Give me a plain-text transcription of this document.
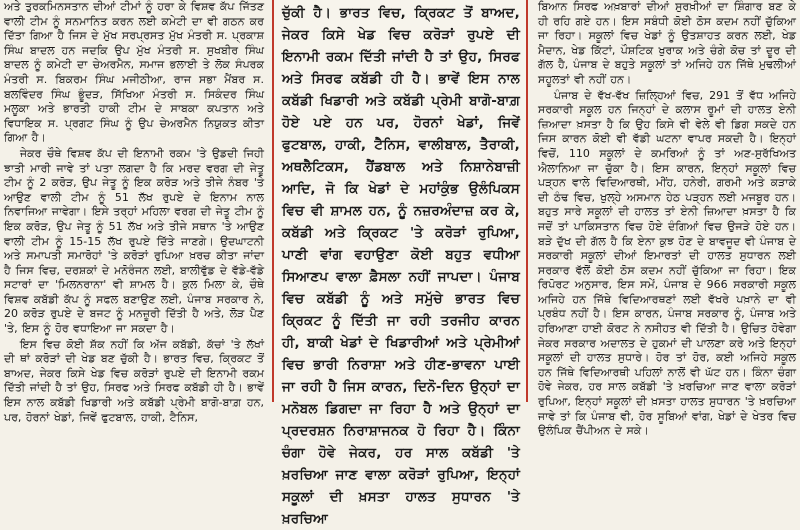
ਅਤੇ ਤੁਰਕਮਿਨਸਤਾਨ ਦੀਆਂ ਟੀਮਾਂ ਨੂੰ ਹਰਾ ਕੇ ਵਿਸ਼ਵ ਕੱਪ ਜਿੱਤਣ ਵਾਲੀ ਟੀਮ ਨੂੰ ਸਨਮਾਨਿਤ ਕਰਨ ਲਈ ਕਮੇਟੀ ਦਾ ਵੀ ਗਠਨ ਕਰ ਦਿੱਤਾ ਗਿਆ ਹੈ ਜਿਸ ਦੇ ਮੁੱਖ ਸਰਪ੍ਰਸਤ ਮੁੱਖ ਮੰਤਰੀ ਸ. ਪ੍ਰਕਾਸ਼ ਸਿੰਘ ਬਾਦਲ ਹਨ ਜਦਕਿ ਉਪ ਮੁੱਖ ਮੰਤਰੀ ਸ. ਸੁਖਬੀਰ ਸਿੰਘ ਬਾਦਲ ਨੂੰ ਕਮੇਟੀ ਦਾ ਚੇਅਰਮੈਨ, ਸਮਾਜ ਭਲਾਈ ਤੇ ਲੋਕ ਸੰਪਰਕ ਮੰਤਰੀ ਸ. ਬਿਕਰਮ ਸਿੰਘ ਮਜੀਠੀਆ, ਰਾਜ ਸਭਾ ਮੈਂਬਰ ਸ. ਬਲਵਿੰਦਰ ਸਿੰਘ ਭੂੰਦੜ, ਸਿੱਖਿਆ ਮੰਤਰੀ ਸ. ਸਿਕੰਦਰ ਸਿੰਘ ਮਲੂਕਾ ਅਤੇ ਭਾਰਤੀ ਹਾਕੀ ਟੀਮ ਦੇ ਸਾਬਕਾ ਕਪਤਾਨ ਅਤੇ ਵਿਧਾਇਕ ਸ. ਪ੍ਰਗਟ ਸਿੰਘ ਨੂੰ ਉਪ ਚੇਅਰਮੈਨ ਨਿਯੁਕਤ ਕੀਤਾ ਗਿਆ ਹੈ।

ਜੇਕਰ ਚੌਥੇ ਵਿਸ਼ਵ ਕੱਪ ਦੀ ਇਨਾਮੀ ਰਕਮ 'ਤੇ ਉਡਦੀ ਜਿਹੀ ਝਾਤੀ ਮਾਰੀ ਜਾਵੇ ਤਾਂ ਪਤਾ ਲਗਦਾ ਹੈ ਕਿ ਮਰਦ ਵਰਗ ਦੀ ਜੇਤੂ ਟੀਮ ਨੂੰ 2 ਕਰੋੜ, ਉਪ ਜੇਤੂ ਨੂੰ ਇਕ ਕਰੋੜ ਅਤੇ ਤੀਜੇ ਨੰਬਰ 'ਤੇ ਆਉਣ ਵਾਲੀ ਟੀਮ ਨੂੰ 51 ਲੱਖ ਰੁਪਏ ਦੇ ਇਨਾਮ ਨਾਲ ਨਿਵਾਜਿਆ ਜਾਵੇਗਾ। ਇਸੇ ਤਰ੍ਹਾਂ ਮਹਿਲਾ ਵਰਗ ਦੀ ਜੇਤੂ ਟੀਮ ਨੂੰ ਇਕ ਕਰੋੜ, ਉਪ ਜੇਤੂ ਨੂੰ 51 ਲੱਖ ਅਤੇ ਤੀਜੇ ਸਥਾਨ 'ਤੇ ਆਉਣ ਵਾਲੀ ਟੀਮ ਨੂੰ 15-15 ਲੱਖ ਰੁਪਏ ਦਿੱਤੇ ਜਾਣਗੇ। ਉਦਘਾਟਨੀ ਅਤੇ ਸਮਾਪਤੀ ਸਮਾਰੋਹਾਂ 'ਤੇ ਕਰੋੜਾਂ ਰੁਪਿਆ ਖ਼ਰਚ ਕੀਤਾ ਜਾਂਦਾ ਹੈ ਜਿਸ ਵਿਚ, ਦਰਸ਼ਕਾਂ ਦੇ ਮਨੋਰੰਜਨ ਲਈ, ਬਾਲੀਵੁੱਡ ਦੇ ਵੱਡੇ-ਵੱਡੇ ਸਟਾਰਾਂ ਦਾ 'ਮਿਲਨਰਾਨਾ' ਵੀ ਸ਼ਾਮਲ ਹੈ। ਕੁਲ ਮਿਲਾ ਕੇ, ਚੌਥੇ ਵਿਸ਼ਵ ਕਬੱਡੀ ਕੱਪ ਨੂੰ ਸਫਲ ਬਣਾਉਣ ਲਈ, ਪੰਜਾਬ ਸਰਕਾਰ ਨੇ, 20 ਕਰੋੜ ਰੁਪਏ ਦੇ ਬਜਟ ਨੂੰ ਮਨਜ਼ੂਰੀ ਦਿੱਤੀ ਹੈ ਅਤੇ, ਲੋੜ ਪੈਣ 'ਤੇ, ਇਸ ਨੂੰ ਹੋਰ ਵਧਾਇਆ ਜਾ ਸਕਦਾ ਹੈ।

ਇਸ ਵਿਚ ਕੋਈ ਸ਼ੱਕ ਨਹੀਂ ਕਿ ਅੱਜ ਕਬੱਡੀ, ਕੱਚਾਂ 'ਤੇ ਲੱਖਾਂ ਦੀ ਥਾਂ ਕਰੋੜਾਂ ਦੀ ਖੇਡ ਬਣ ਚੁੱਕੀ ਹੈ। ਭਾਰਤ ਵਿਚ, ਕ੍ਰਿਕਟ ਤੋਂ ਬਾਅਦ, ਜੇਕਰ ਕਿਸੇ ਖੇਡ ਵਿਚ ਕਰੋੜਾਂ ਰੁਪਏ ਦੀ ਇਨਾਮੀ ਰਕਮ ਦਿੱਤੀ ਜਾਂਦੀ ਹੈ ਤਾਂ ਉਹ, ਸਿਰਫ ਅਤੇ ਸਿਰਫ ਕਬੱਡੀ ਹੀ ਹੈ। ਭਾਵੇਂ ਇਸ ਨਾਲ ਕਬੱਡੀ ਖਿਡਾਰੀ ਅਤੇ ਕਬੱਡੀ ਪ੍ਰੇਮੀ ਬਾਗੋ-ਬਾਗ਼ ਹਨ, ਪਰ, ਹੋਰਨਾਂ ਖੇਡਾਂ, ਜਿਵੇਂ ਫੁਟਬਾਲ, ਹਾਕੀ, ਟੈਨਿਸ,

ਚੁੱਕੀ ਹੈ। ਭਾਰਤ ਵਿਚ, ਕ੍ਰਿਕਟ ਤੋਂ ਬਾਅਦ, ਜੇਕਰ ਕਿਸੇ ਖੇਡ ਵਿਚ ਕਰੋੜਾਂ ਰੁਪਏ ਦੀ ਇਨਾਮੀ ਰਕਮ ਦਿੱਤੀ ਜਾਂਦੀ ਹੈ ਤਾਂ ਉਹ, ਸਿਰਫ ਅਤੇ ਸਿਰਫ ਕਬੱਡੀ ਹੀ ਹੈ। ਭਾਵੇਂ ਇਸ ਨਾਲ ਕਬੱਡੀ ਖਿਡਾਰੀ ਅਤੇ ਕਬੱਡੀ ਪ੍ਰੇਮੀ ਬਾਗੋ-ਬਾਗ਼ ਹੋਏ ਪਏ ਹਨ ਪਰ, ਹੋਰਨਾਂ ਖੇਡਾਂ, ਜਿਵੇਂ ਫੁਟਬਾਲ, ਹਾਕੀ, ਟੈਨਿਸ, ਵਾਲੀਬਾਲ, ਤੈਰਾਕੀ, ਅਥਲੈਟਿਕਸ, ਹੈਂਡਬਾਲ ਅਤੇ ਨਿਸ਼ਾਨੇਬਾਜ਼ੀ ਆਦਿ, ਜੋ ਕਿ ਖੇਡਾਂ ਦੇ ਮਹਾਂਕੁੰਭ ਉਲੰਪਿਕਸ ਵਿਚ ਵੀ ਸ਼ਾਮਲ ਹਨ, ਨੂੰ ਨਜ਼ਰਅੰਦਾਜ਼ ਕਰ ਕੇ, ਕਬੱਡੀ ਅਤੇ ਕ੍ਰਿਕਟ 'ਤੇ ਕਰੋੜਾਂ ਰੁਪਿਆ, ਪਾਣੀ ਵਾਂਗ ਵਹਾਉਣਾ ਕੋਈ ਬਹੁਤ ਵਧੀਆ ਸਿਆਣਪ ਵਾਲਾ ਫ਼ੈਸਲਾ ਨਹੀਂ ਜਾਪਦਾ। ਪੰਜਾਬ ਵਿਚ ਕਬੱਡੀ ਨੂੰ ਅਤੇ ਸਮੁੱਚੇ ਭਾਰਤ ਵਿਚ ਕ੍ਰਿਕਟ ਨੂੰ ਦਿੱਤੀ ਜਾ ਰਹੀ ਤਰਜੀਹ ਕਾਰਨ ਹੀ, ਬਾਕੀ ਖੇਡਾਂ ਦੇ ਖਿਡਾਰੀਆਂ ਅਤੇ ਪ੍ਰੇਮੀਆਂ ਵਿਚ ਭਾਰੀ ਨਿਰਾਸ਼ਾ ਅਤੇ ਹੀਣ-ਭਾਵਨਾ ਪਾਈ ਜਾ ਰਹੀ ਹੈ ਜਿਸ ਕਾਰਨ, ਦਿਨੋ-ਦਿਨ ਉਨ੍ਹਾਂ ਦਾ ਮਨੋਬਲ ਡਿਗਦਾ ਜਾ ਰਿਹਾ ਹੈ ਅਤੇ ਉਨ੍ਹਾਂ ਦਾ ਪ੍ਰਦਰਸ਼ਨ ਨਿਰਾਸ਼ਾਜਨਕ ਹੋ ਰਿਹਾ ਹੈ। ਕਿੰਨਾ ਚੰਗਾ ਹੋਵੇ ਜੇਕਰ, ਹਰ ਸਾਲ ਕਬੱਡੀ 'ਤੇ ਖ਼ਰਚਿਆ ਜਾਣ ਵਾਲਾ ਕਰੋੜਾਂ ਰੁਪਿਆ, ਇਨ੍ਹਾਂ ਸਕੂਲਾਂ ਦੀ ਖ਼ਸਤਾ ਹਾਲਤ ਸੁਧਾਰਨ 'ਤੇ ਖ਼ਰਚਿਆ

ਬਿਆਨ ਸਿਰਫ ਅਖ਼ਬਾਰਾਂ ਦੀਆਂ ਸੁਰਖ਼ੀਆਂ ਦਾ ਸ਼ਿੰਗਾਰ ਬਣ ਕੇ ਹੀ ਰਹਿ ਗਏ ਹਨ। ਇਸ ਸਬੰਧੀ ਕੋਈ ਠੋਸ ਕਦਮ ਨਹੀਂ ਚੁੱਕਿਆ ਜਾ ਰਿਹਾ। ਸਕੂਲਾਂ ਵਿਚ ਖੇਡਾਂ ਨੂੰ ਉਤਸ਼ਾਹਤ ਕਰਨ ਲਈ, ਖੇਡ ਮੈਦਾਨ, ਖੇਡ ਕਿੱਟਾਂ, ਪੌਸ਼ਟਿਕ ਖੁਰਾਕ ਅਤੇ ਚੰਗੇ ਕੋਚ ਤਾਂ ਦੂਰ ਦੀ ਗੱਲ ਹੈ, ਪੰਜਾਬ ਦੇ ਬਹੁਤੇ ਸਕੂਲਾਂ ਤਾਂ ਅਜਿਹੇ ਹਨ ਜਿੱਥੇ ਮੁਢਲੀਆਂ ਸਹੂਲਤਾਂ ਵੀ ਨਹੀਂ ਹਨ।

ਪੰਜਾਬ ਦੇ ਵੱਖ-ਵੱਖ ਜ਼ਿਲ੍ਹਿਆਂ ਵਿਚ, 291 ਤੋਂ ਵੱਧ ਅਜਿਹੇ ਸਰਕਾਰੀ ਸਕੂਲ ਹਨ ਜਿਨ੍ਹਾਂ ਦੇ ਕਲਾਸ ਰੂਮਾਂ ਦੀ ਹਾਲਤ ਏਨੀ ਜ਼ਿਆਦਾ ਖ਼ਸਤਾ ਹੈ ਕਿ ਉਹ ਕਿਸੇ ਵੀ ਵੇਲੇ ਵੀ ਡਿਗ ਸਕਦੇ ਹਨ ਜਿਸ ਕਾਰਨ ਕੋਈ ਵੀ ਵੱਡੀ ਘਟਨਾ ਵਾਪਰ ਸਕਦੀ ਹੈ। ਇਨ੍ਹਾਂ ਵਿਚੋਂ, 110 ਸਕੂਲਾਂ ਦੇ ਕਮਰਿਆਂ ਨੂੰ ਤਾਂ ਅਣ-ਸੁਰੱਖਿਅਤ ਐਲਾਨਿਆ ਜਾ ਚੁੱਕਾ ਹੈ। ਇਸ ਕਾਰਨ, ਇਨ੍ਹਾਂ ਸਕੂਲਾਂ ਵਿਚ ਪੜ੍ਹਨ ਵਾਲੇ ਵਿਦਿਆਰਥੀ, ਮੀਂਹ, ਹਨੇਰੀ, ਗਰਮੀ ਅਤੇ ਕੜਾਕੇ ਦੀ ਠੰਢ ਵਿਚ, ਖੁਲ੍ਹੇ ਅਸਮਾਨ ਹੇਠ ਪੜ੍ਹਨ ਲਈ ਮਜਬੂਰ ਹਨ। ਬਹੁਤ ਸਾਰੇ ਸਕੂਲਾਂ ਦੀ ਹਾਲਤ ਤਾਂ ਏਨੀ ਜ਼ਿਆਦਾ ਖ਼ਸਤਾ ਹੈ ਕਿ ਜਦੋਂ ਤਾਂ ਪਾਕਿਸਤਾਨ ਵਿਚ ਹੋਏ ਦੰਗਿਆਂ ਵਿਚ ਉਜੜੇ ਹੋਏ ਹਨ। ਬੜੇ ਦੁੱਖ ਦੀ ਗੱਲ ਹੈ ਕਿ ਏਨਾ ਕੁਝ ਹੋਣ ਦੇ ਬਾਵਜੂਦ ਵੀ ਪੰਜਾਬ ਦੇ ਸਰਕਾਰੀ ਸਕੂਲਾਂ ਦੀਆਂ ਇਮਾਰਤਾਂ ਦੀ ਹਾਲਤ ਸੁਧਾਰਨ ਲਈ ਸਰਕਾਰ ਵੱਲੋਂ ਕੋਈ ਠੋਸ ਕਦਮ ਨਹੀਂ ਚੁੱਕਿਆ ਜਾ ਰਿਹਾ। ਇਕ ਰਿਪੋਰਟ ਅਨੁਸਾਰ, ਇਸ ਸਮੇਂ, ਪੰਜਾਬ ਦੇ 966 ਸਰਕਾਰੀ ਸਕੂਲ ਅਜਿਹੇ ਹਨ ਜਿੱਥੇ ਵਿਦਿਆਰਥਣਾਂ ਲਈ ਵੱਖਰੇ ਪਖ਼ਾਨੇ ਦਾ ਵੀ ਪ੍ਰਬੰਧ ਨਹੀਂ ਹੈ। ਇਸ ਕਾਰਨ, ਪੰਜਾਬ ਸਰਕਾਰ ਨੂੰ, ਪੰਜਾਬ ਅਤੇ ਹਰਿਆਣਾ ਹਾਈ ਕੋਰਟ ਨੇ ਨਸੀਹਤ ਵੀ ਦਿੱਤੀ ਹੈ। ਉਚਿਤ ਹੋਵੇਗਾ ਜੇਕਰ ਸਰਕਾਰ ਅਦਾਲਤ ਦੇ ਹੁਕਮਾਂ ਦੀ ਪਾਲਣਾ ਕਰੇ ਅਤੇ ਇਨ੍ਹਾਂ ਸਕੂਲਾਂ ਦੀ ਹਾਲਤ ਸੁਧਾਰੇ। ਹੋਰ ਤਾਂ ਹੋਰ, ਕਈ ਅਜਿਹੇ ਸਕੂਲ ਹਨ ਜਿੱਥੇ ਵਿਦਿਆਰਥੀ ਪਹਿਲਾਂ ਨਾਲੋਂ ਵੀ ਘੱਟ ਹਨ। ਕਿੰਨਾ ਚੰਗਾ ਹੋਵੇ ਜੇਕਰ, ਹਰ ਸਾਲ ਕਬੱਡੀ 'ਤੇ ਖ਼ਰਚਿਆ ਜਾਣ ਵਾਲਾ ਕਰੋੜਾਂ ਰੁਪਿਆ, ਇਨ੍ਹਾਂ ਸਕੂਲਾਂ ਦੀ ਖ਼ਸਤਾ ਹਾਲਤ ਸੁਧਾਰਨ 'ਤੇ ਖ਼ਰਚਿਆ ਜਾਵੇ ਤਾਂ ਕਿ ਪੰਜਾਬ ਵੀ, ਹੋਰ ਸੂਬਿਆਂ ਵਾਂਗ, ਖੇਡਾਂ ਦੇ ਖੇਤਰ ਵਿਚ ਉਲੰਪਿਕ ਚੈਂਪੀਅਨ ਦੇ ਸਕੇ।
